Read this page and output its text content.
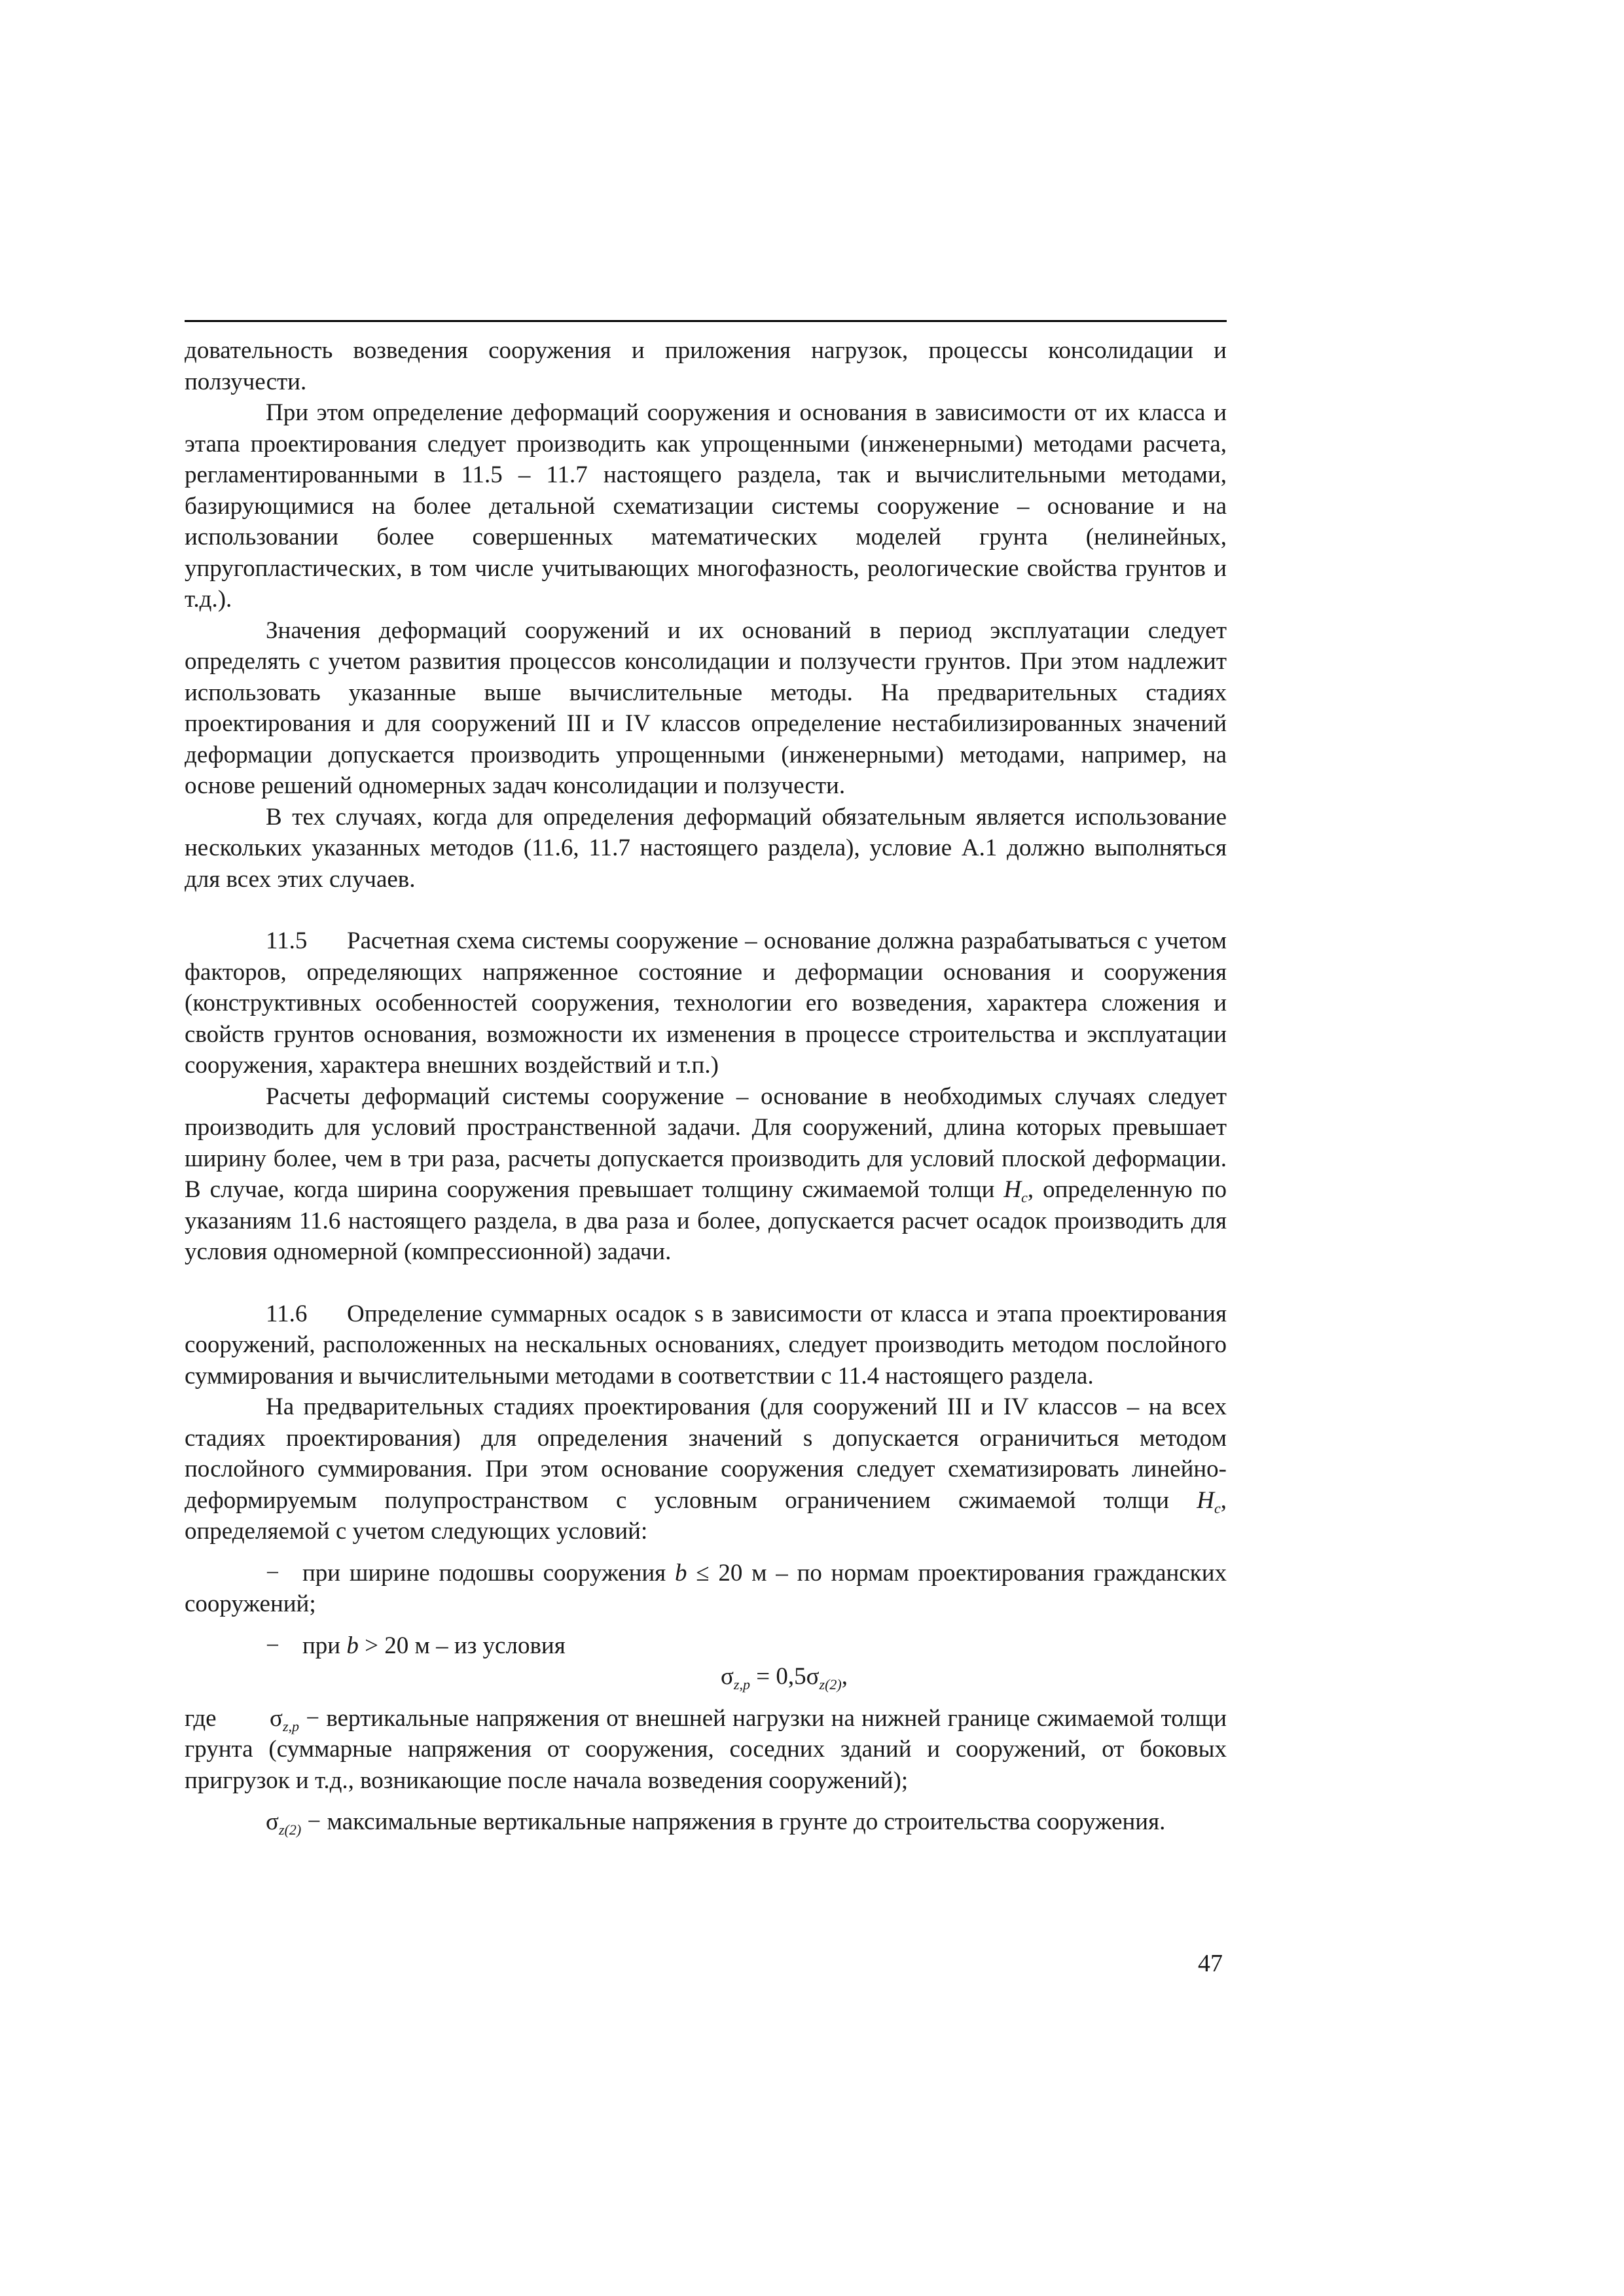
довательность возведения сооружения и приложения нагрузок, процессы консолидации и ползучести.

При этом определение деформаций сооружения и основания в зависимости от их класса и этапа проектирования следует производить как упрощенными (инженерными) методами расчета, регламентированными в 11.5 – 11.7 настоящего раздела, так и вычислительными методами, базирующимися на более детальной схематизации системы сооружение – основание и на использовании более совершенных математических моделей грунта (нелинейных, упругопластических, в том числе учитывающих многофазность, реологические свойства грунтов и т.д.).

Значения деформаций сооружений и их оснований в период эксплуатации следует определять с учетом развития процессов консолидации и ползучести грунтов. При этом надлежит использовать указанные выше вычислительные методы. На предварительных стадиях проектирования и для сооружений III и IV классов определение нестабилизированных значений деформации допускается производить упрощенными (инженерными) методами, например, на основе решений одномерных задач консолидации и ползучести.

В тех случаях, когда для определения деформаций обязательным является использование нескольких указанных методов (11.6, 11.7 настоящего раздела), условие А.1 должно выполняться для всех этих случаев.

11.5 Расчетная схема системы сооружение – основание должна разрабатываться с учетом факторов, определяющих напряженное состояние и деформации основания и сооружения (конструктивных особенностей сооружения, технологии его возведения, характера сложения и свойств грунтов основания, возможности их изменения в процессе строительства и эксплуатации сооружения, характера внешних воздействий и т.п.)

Расчеты деформаций системы сооружение – основание в необходимых случаях следует производить для условий пространственной задачи. Для сооружений, длина которых превышает ширину более, чем в три раза, расчеты допускается производить для условий плоской деформации. В случае, когда ширина сооружения превышает толщину сжимаемой толщи $H_c$, определенную по указаниям 11.6 настоящего раздела, в два раза и более, допускается расчет осадок производить для условия одномерной (компрессионной) задачи.

11.6 Определение суммарных осадок s в зависимости от класса и этапа проектирования сооружений, расположенных на нескальных основаниях, следует производить методом послойного суммирования и вычислительными методами в соответствии с 11.4 настоящего раздела.

На предварительных стадиях проектирования (для сооружений III и IV классов – на всех стадиях проектирования) для определения значений s допускается ограничиться методом послойного суммирования. При этом основание сооружения следует схематизировать линейно-деформируемым полупространством с условным ограничением сжимаемой толщи $H_c$, определяемой с учетом следующих условий:

− при ширине подошвы сооружения b ≤ 20 м – по нормам проектирования гражданских сооружений;

− при b > 20 м – из условия

$\sigma_{z,p} = 0,5\sigma_{z(2)}$,

где $\sigma_{z,p}$ − вертикальные напряжения от внешней нагрузки на нижней границе сжимаемой толщи грунта (суммарные напряжения от сооружения, соседних зданий и сооружений, от боковых пригрузок и т.д., возникающие после начала возведения сооружений);

$\sigma_{z(2)}$ − максимальные вертикальные напряжения в грунте до строительства сооружения.

47
